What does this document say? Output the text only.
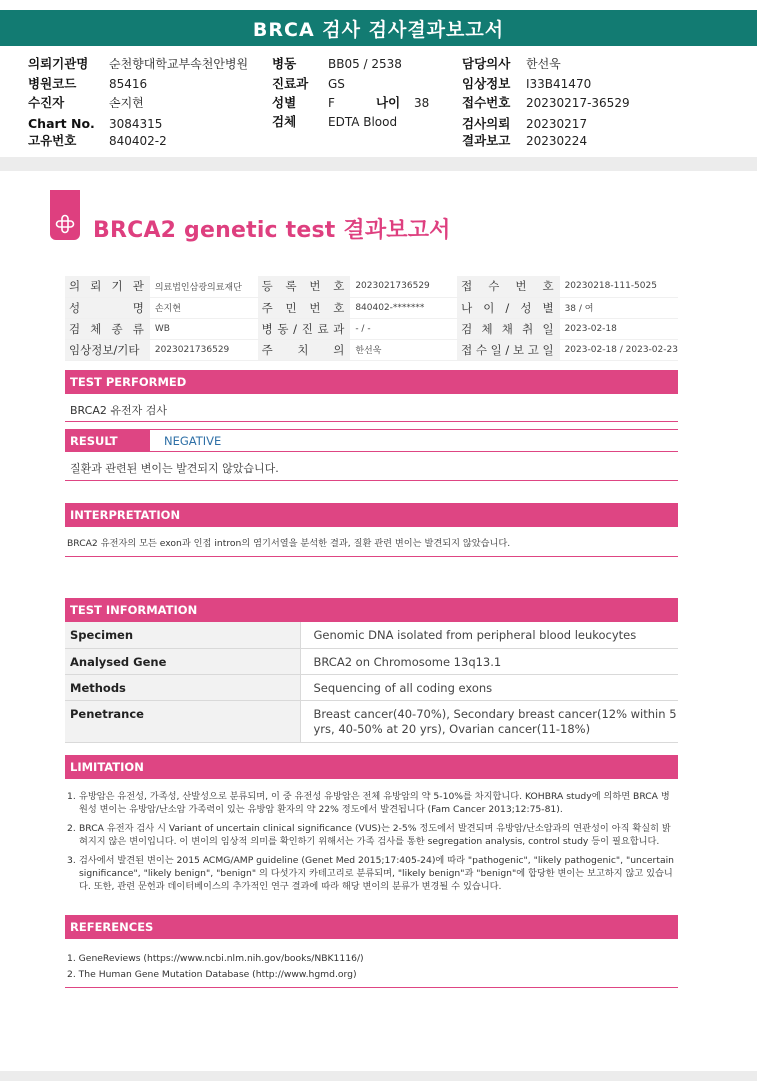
BRCA 검사 검사결과보고서
의뢰기관명 순천향대학교부속천안병원
병원코드	85416
수진자	손지현
Chart No. 3084315
고유번호	840402-2
병동	BB05 / 2538
진료과 GS
성별	F	나이 38
검체	EDTA Blood
담당의사 한선욱
임상정보 I33B41470
접수번호 20230217-36529
검사의뢰 20230217
결과보고 20230224
BRCA2 genetic test 결과보고서
의 뢰 기 관	의료법인삼광의료재단	등 록 번 호	2023021736529	접 수 번 호	20230218-111-5025
성 명	손지현	주 민 번 호	840402-*******	나 이 / 성 별	38 / 여
검 체 종 류	WB	병 동 / 진 료 과	- / -	검 체 채 취 일	2023-02-18
임상정보/기타	2023021736529	주 치 의	한선욱	접 수 일 / 보 고 일	2023-02-18 / 2023-02-23
TEST PERFORMED
BRCA2 유전자 검사
RESULT	NEGATIVE
질환과 관련된 변이는 발견되지 않았습니다.
INTERPRETATION
BRCA2 유전자의 모든 exon과 인접 intron의 염기서열을 분석한 결과, 질환 관련 변이는 발견되지 않았습니다.
TEST INFORMATION
Specimen	Genomic DNA isolated from peripheral blood leukocytes
Analysed Gene	BRCA2 on Chromosome 13q13.1
Methods	Sequencing of all coding exons
Penetrance	Breast cancer(40-70%), Secondary breast cancer(12% within 5 yrs, 40-50% at 20 yrs), Ovarian cancer(11-18%)
LIMITATION
1. 유방암은 유전성, 가족성, 산발성으로 분류되며, 이 중 유전성 유방암은 전체 유방암의 약 5-10%를 차지합니다. KOHBRA study에 의하면 BRCA 병원성 변이는 유방암/난소암 가족력이 있는 유방암 환자의 약 22% 정도에서 발견됩니다 (Fam Cancer 2013;12:75-81).
2. BRCA 유전자 검사 시 Variant of uncertain clinical significance (VUS)는 2-5% 정도에서 발견되며 유방암/난소암과의 연관성이 아직 확실히 밝혀지지 않은 변이입니다. 이 변이의 임상적 의미를 확인하기 위해서는 가족 검사를 통한 segregation analysis, control study 등이 필요합니다.
3. 검사에서 발견된 변이는 2015 ACMG/AMP guideline (Genet Med 2015;17:405-24)에 따라 "pathogenic", "likely pathogenic", "uncertain significance", "likely benign", "benign" 의 다섯가지 카테고리로 분류되며, "likely benign"과 "benign"에 합당한 변이는 보고하지 않고 있습니다. 또한, 관련 문헌과 데이터베이스의 추가적인 연구 결과에 따라 해당 변이의 분류가 변경될 수 있습니다.
REFERENCES
1. GeneReviews (https://www.ncbi.nlm.nih.gov/books/NBK1116/)
2. The Human Gene Mutation Database (http://www.hgmd.org)
